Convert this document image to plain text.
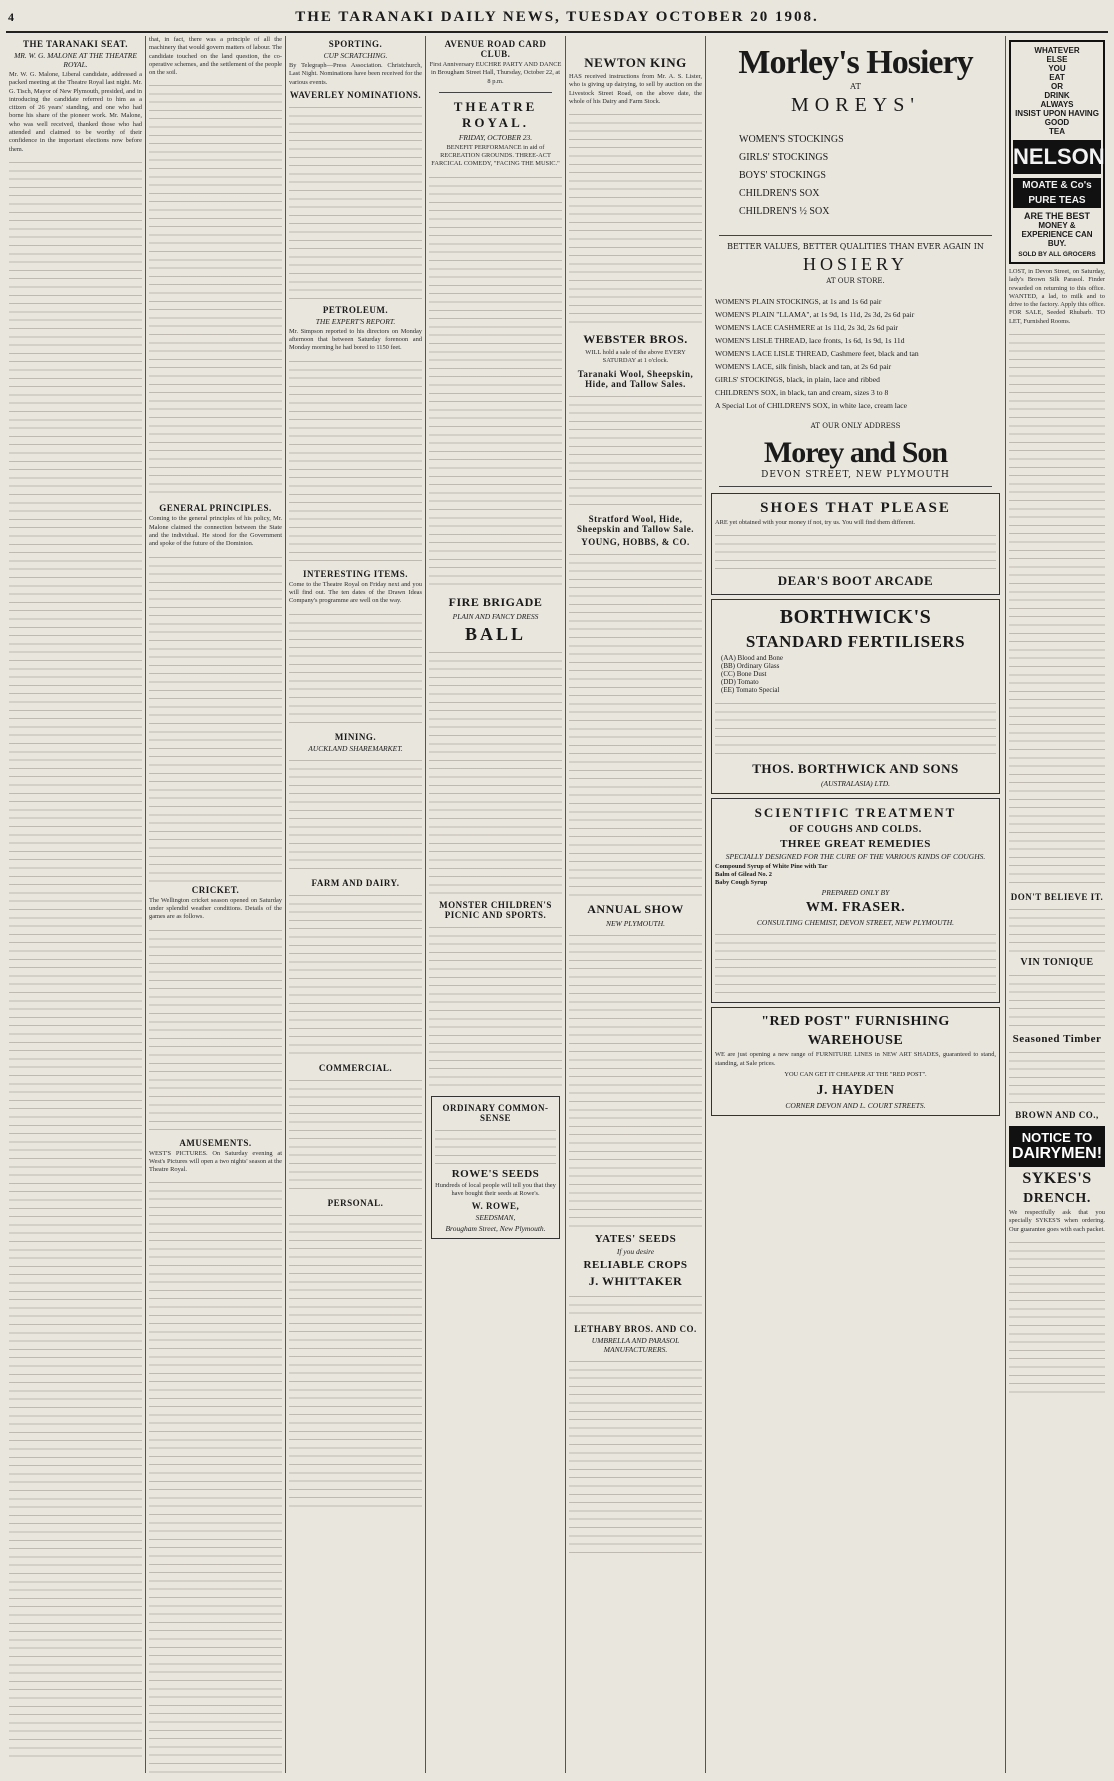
4	THE TARANAKI DAILY NEWS, TUESDAY OCTOBER 20 1908.
THE TARANAKI SEAT.
MR. W. G. MALONE AT THE THEATRE ROYAL.

Mr. W. G. Malone, Liberal candidate, addressed a packed meeting at the Theatre Royal last night. Mr. G. Tisch, Mayor of New Plymouth, presided, and in introducing the candidate referred to him as a citizen of 26 years' standing, and one who had borne his share of the pioneer work. Mr. Malone, who was well received, thanked those who had attended and claimed to be worthy of their confidence in the important elections now before them.

that, in fact, there was a principle of all the machinery that would govern matters of labour. The candidate touched on the land question, the co-operative schemes, and the settlement of the people on the soil.

GENERAL PRINCIPLES.

Coming to the general principles of his policy, Mr. Malone claimed the connection between the State and the individual. He stood for the Government and spoke of the future of the Dominion.

CRICKET.

The Wellington cricket season opened on Saturday under splendid weather conditions. Details of the games are as follows.

AMUSEMENTS.

WEST'S PICTURES. On Saturday evening at West's Pictures will open a two nights' season at the Theatre Royal.

SPORTING.
CUP SCRATCHING.

By Telegraph—Press Association. Christchurch, Last Night. Nominations have been received for the various events.

WAVERLEY NOMINATIONS.
PETROLEUM.
THE EXPERT'S REPORT.

Mr. Simpson reported to his directors on Monday afternoon that between Saturday forenoon and Monday morning he had bored to 1150 feet.

INTERESTING ITEMS.

Come to the Theatre Royal on Friday next and you will find out. The ten dates of the Drawn Ideas Company's programme are well on the way.

MINING.
AUCKLAND SHAREMARKET.
FARM AND DAIRY.
COMMERCIAL.
PERSONAL.
AVENUE ROAD CARD CLUB.

First Anniversary EUCHRE PARTY AND DANCE in Brougham Street Hall, Thursday, October 22, at 8 p.m.

THEATRE ROYAL.
FRIDAY, OCTOBER 23.

BENEFIT PERFORMANCE in aid of RECREATION GROUNDS. THREE-ACT FARCICAL COMEDY, "FACING THE MUSIC."

FIRE BRIGADE
PLAIN AND FANCY DRESS
BALL
MONSTER CHILDREN'S PICNIC AND SPORTS.
ORDINARY COMMON-SENSE
ROWE'S SEEDS

Hundreds of local people will tell you that they have bought their seeds at Rowe's.

W. ROWE,
SEEDSMAN,
Brougham Street, New Plymouth.
NEWTON KING

HAS received instructions from Mr. A. S. Lister, who is giving up dairying, to sell by auction on the Livestock Street Road, on the above date, the whole of his Dairy and Farm Stock.

WEBSTER BROS.

WILL hold a sale of the above EVERY SATURDAY at 1 o'clock.

Taranaki Wool, Sheepskin, Hide, and Tallow Sales.
Stratford Wool, Hide, Sheepskin and Tallow Sale.
YOUNG, HOBBS, & CO.
ANNUAL SHOW
NEW PLYMOUTH.
YATES' SEEDS
If you desire
RELIABLE CROPS
J. WHITTAKER
LETHABY BROS. AND CO.
UMBRELLA AND PARASOL MANUFACTURERS.
Morley's Hosiery
AT
MOREYS'
WOMEN'S STOCKINGS
GIRLS' STOCKINGS
BOYS' STOCKINGS
CHILDREN'S SOX
CHILDREN'S ½ SOX
BETTER VALUES, BETTER QUALITIES THAN EVER AGAIN IN
HOSIERY
AT OUR STORE.
WOMEN'S PLAIN STOCKINGS, at 1s and 1s 6d pair
WOMEN'S PLAIN "LLAMA", at 1s 9d, 1s 11d, 2s 3d, 2s 6d pair
WOMEN'S LACE CASHMERE at 1s 11d, 2s 3d, 2s 6d pair
WOMEN'S LISLE THREAD, lace fronts, 1s 6d, 1s 9d, 1s 11d
WOMEN'S LACE LISLE THREAD, Cashmere feet, black and tan
WOMEN'S LACE, silk finish, black and tan, at 2s 6d pair
GIRLS' STOCKINGS, black, in plain, lace and ribbed
CHILDREN'S SOX, in black, tan and cream, sizes 3 to 8
A Special Lot of CHILDREN'S SOX, in white lace, cream lace
AT OUR ONLY ADDRESS
Morey and Son
DEVON STREET, NEW PLYMOUTH
SHOES THAT PLEASE

ARE yet obtained with your money if not, try us. You will find them different.

DEAR'S BOOT ARCADE
BORTHWICK'S
STANDARD FERTILISERS
(AA) Blood and Bone
(BB) Ordinary Glass
(CC) Bone Dust
(DD) Tomato
(EE) Tomato Special
THOS. BORTHWICK AND SONS
(AUSTRALASIA) LTD.
SCIENTIFIC TREATMENT
OF COUGHS AND COLDS.
THREE GREAT REMEDIES
SPECIALLY DESIGNED FOR THE CURE OF THE VARIOUS KINDS OF COUGHS.
Compound Syrup of White Pine with Tar
Balm of Gilead No. 2
Baby Cough Syrup
PREPARED ONLY BY
WM. FRASER.
CONSULTING CHEMIST, DEVON STREET, NEW PLYMOUTH.
"RED POST" FURNISHING
WAREHOUSE

WE are just opening a new range of FURNITURE LINES in NEW ART SHADES, guaranteed to stand, standing, at Sale prices.

YOU CAN GET IT CHEAPER AT THE "RED POST".
J. HAYDEN
CORNER DEVON AND L. COURT STREETS.
WHATEVER
ELSE
YOU
EAT
OR
DRINK
ALWAYS
INSIST UPON HAVING
GOOD
TEA
NELSON
MOATE & Co's
PURE TEAS
ARE THE BEST
MONEY & EXPERIENCE CAN BUY.
SOLD BY ALL GROCERS

LOST, in Devon Street, on Saturday, lady's Brown Silk Parasol. Finder rewarded on returning to this office. WANTED, a lad, to milk and to drive to the factory. Apply this office. FOR SALE, Seeded Rhubarb. TO LET, Furnished Rooms.

DON'T BELIEVE IT.
VIN TONIQUE
Seasoned Timber
BROWN AND CO.,
NOTICE TO
DAIRYMEN!
SYKES'S
DRENCH.

We respectfully ask that you specially SYKES'S when ordering. Our guarantee goes with each packet.
